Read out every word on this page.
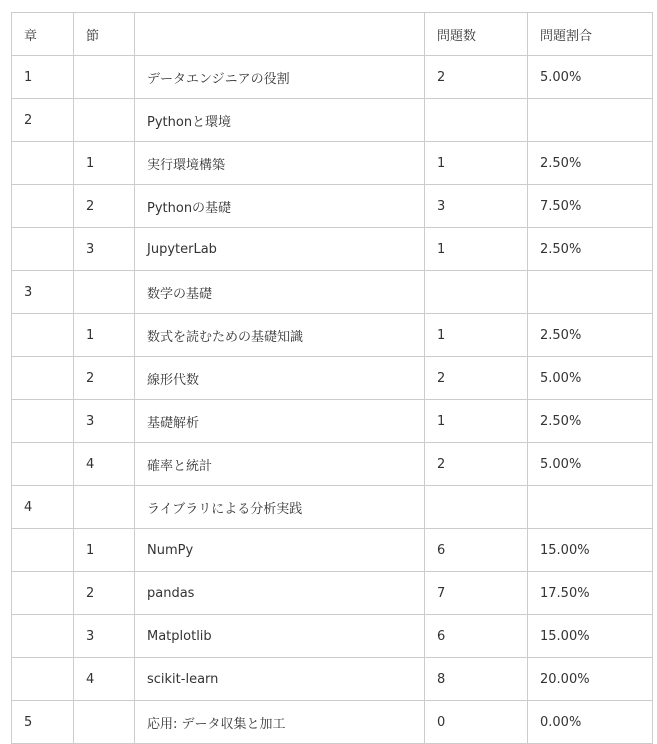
章	節		問題数	問題割合
1		データエンジニアの役割	2	5.00%
2		Pythonと環境		
	1	実行環境構築	1	2.50%
	2	Pythonの基礎	3	7.50%
	3	JupyterLab	1	2.50%
3		数学の基礎		
	1	数式を読むための基礎知識	1	2.50%
	2	線形代数	2	5.00%
	3	基礎解析	1	2.50%
	4	確率と統計	2	5.00%
4		ライブラリによる分析実践		
	1	NumPy	6	15.00%
	2	pandas	7	17.50%
	3	Matplotlib	6	15.00%
	4	scikit-learn	8	20.00%
5		応用: データ収集と加工	0	0.00%
